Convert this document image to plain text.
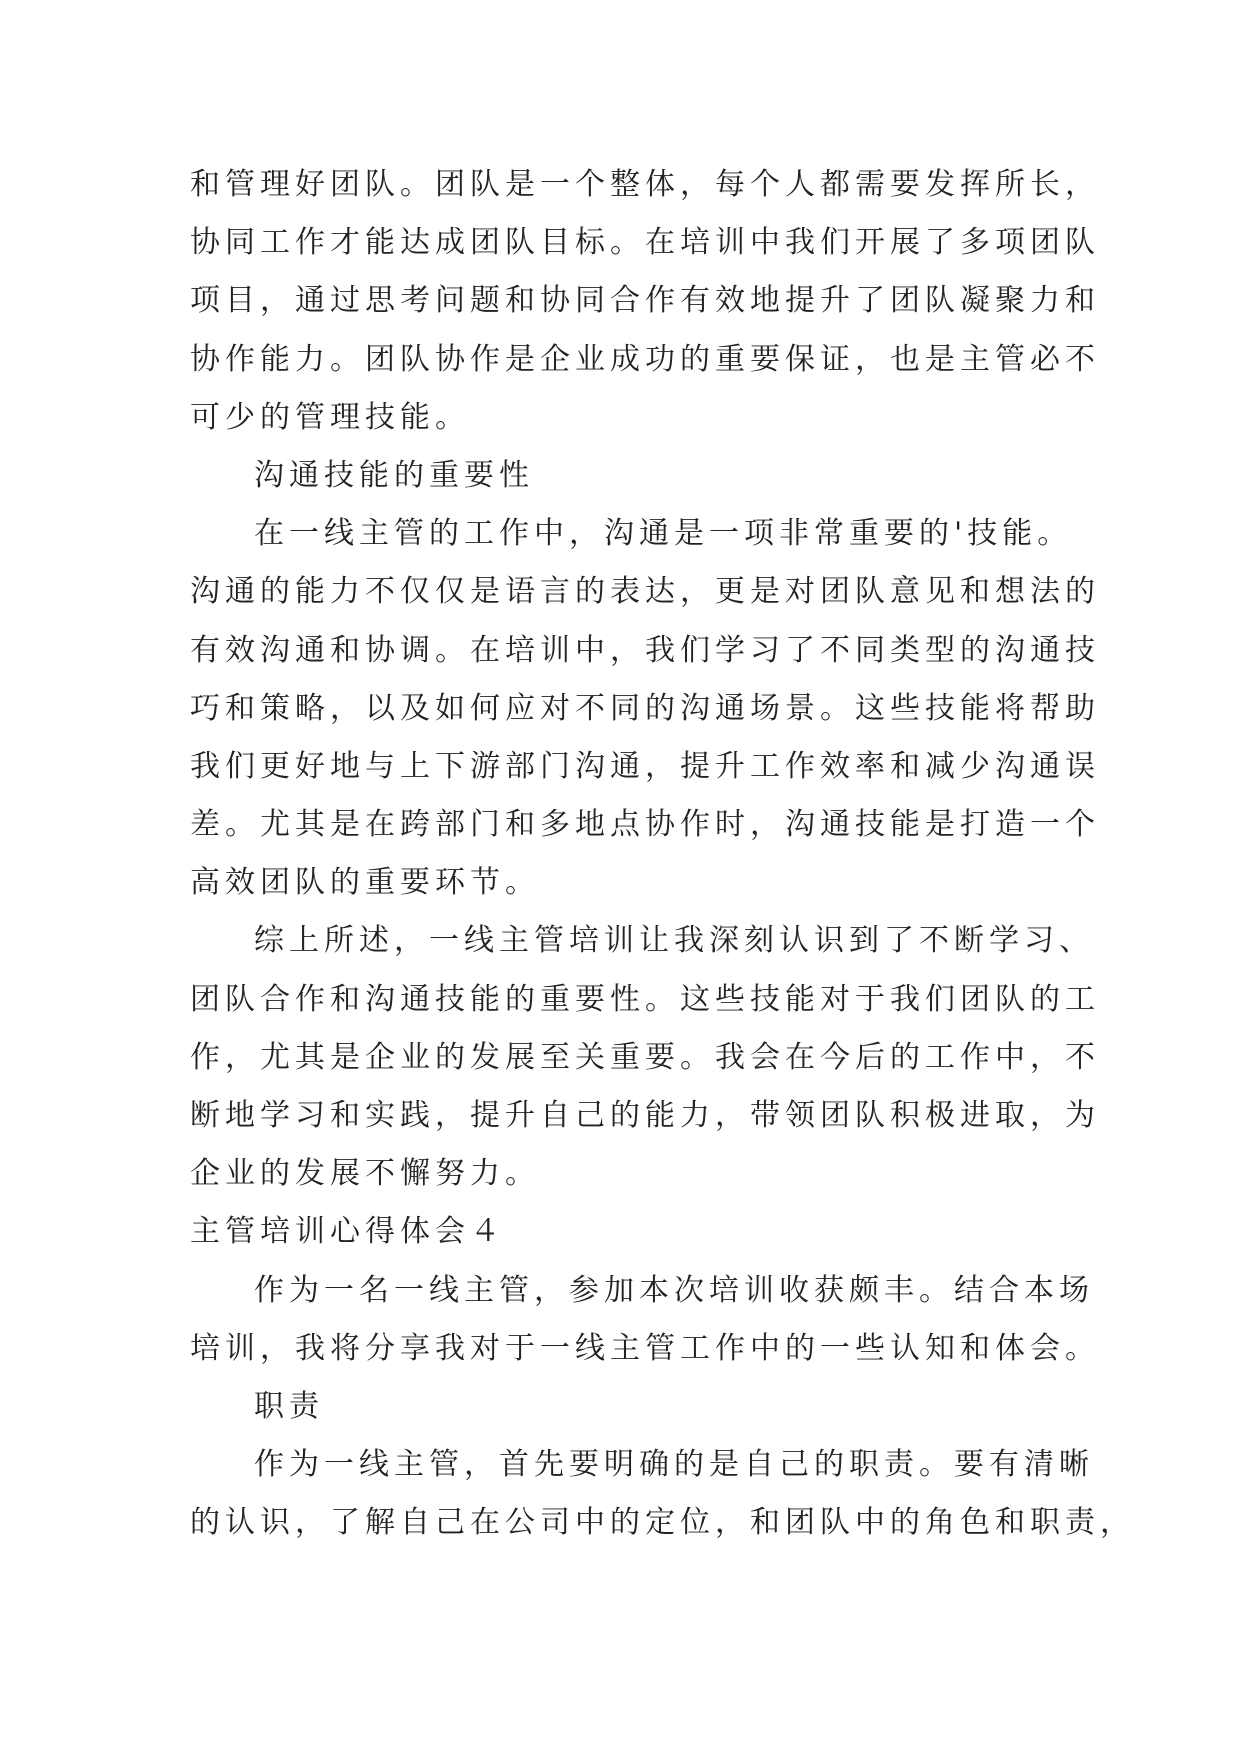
和管理好团队。团队是一个整体，每个人都需要发挥所长，
协同工作才能达成团队目标。在培训中我们开展了多项团队
项目，通过思考问题和协同合作有效地提升了团队凝聚力和
协作能力。团队协作是企业成功的重要保证，也是主管必不
可少的管理技能。
沟通技能的重要性
在一线主管的工作中，沟通是一项非常重要的'技能。
沟通的能力不仅仅是语言的表达，更是对团队意见和想法的
有效沟通和协调。在培训中，我们学习了不同类型的沟通技
巧和策略，以及如何应对不同的沟通场景。这些技能将帮助
我们更好地与上下游部门沟通，提升工作效率和减少沟通误
差。尤其是在跨部门和多地点协作时，沟通技能是打造一个
高效团队的重要环节。
综上所述，一线主管培训让我深刻认识到了不断学习、
团队合作和沟通技能的重要性。这些技能对于我们团队的工
作，尤其是企业的发展至关重要。我会在今后的工作中，不
断地学习和实践，提升自己的能力，带领团队积极进取，为
企业的发展不懈努力。
主管培训心得体会４
作为一名一线主管，参加本次培训收获颇丰。结合本场
培训，我将分享我对于一线主管工作中的一些认知和体会。
职责
作为一线主管，首先要明确的是自己的职责。要有清晰
的认识，了解自己在公司中的定位，和团队中的角色和职责，
